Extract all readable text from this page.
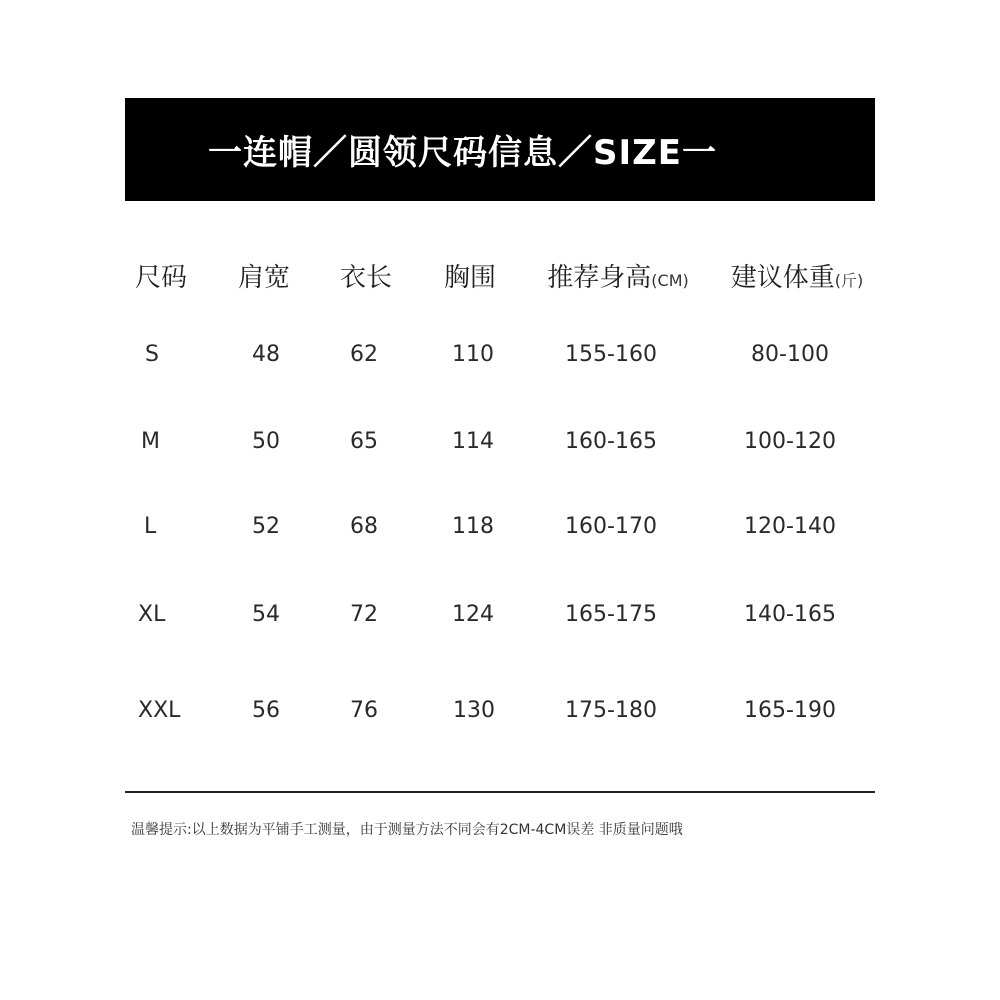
一连帽／圆领尺码信息／SIZE一
尺码 肩宽 衣长 胸围 推荐身高(CM) 建议体重(斤)
S	48	62	110	155-160	80-100
M	50	65	114	160-165	100-120
L	52	68	118	160-170	120-140
XL	54	72	124	165-175	140-165
XXL	56	76	130	175-180	165-190
温馨提示:以上数据为平铺手工测量，由于测量方法不同会有2CM-4CM误差 非质量问题哦
